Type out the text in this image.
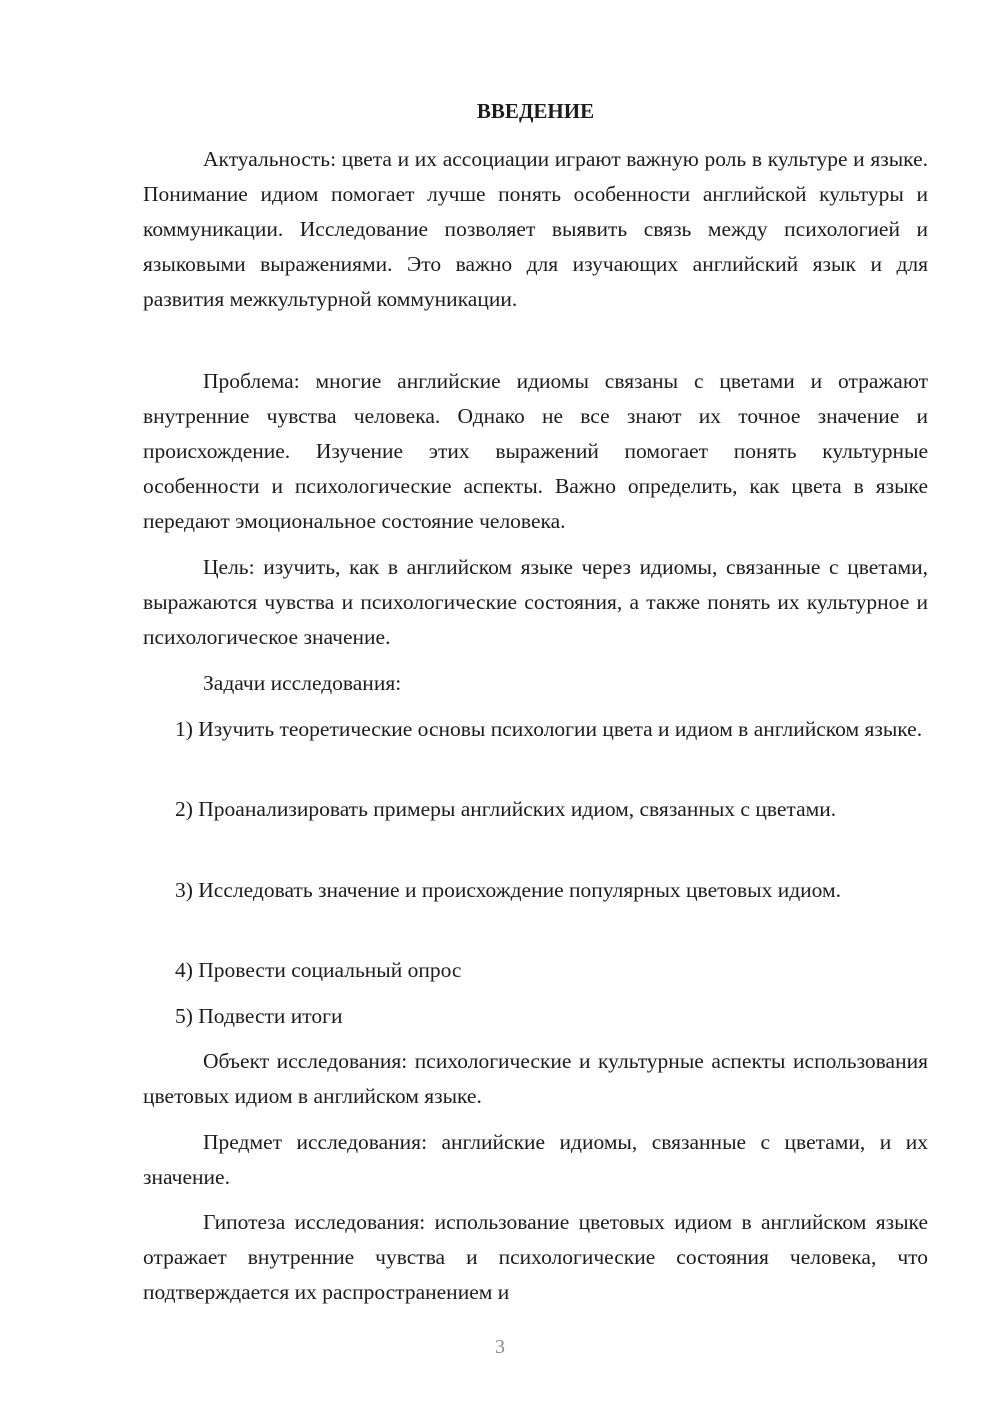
ВВЕДЕНИЕ

Актуальность: цвета и их ассоциации играют важную роль в культуре и языке. Понимание идиом помогает лучше понять особенности английской культуры и коммуникации. Исследование позволяет выявить связь между психологией и языковыми выражениями. Это важно для изучающих английский язык и для развития межкультурной коммуникации.

Проблема: многие английские идиомы связаны с цветами и отражают внутренние чувства человека. Однако не все знают их точное значение и происхождение. Изучение этих выражений помогает понять культурные особенности и психологические аспекты. Важно определить, как цвета в языке передают эмоциональное состояние человека.

Цель: изучить, как в английском языке через идиомы, связанные с цветами, выражаются чувства и психологические состояния, а также понять их культурное и психологическое значение.

Задачи исследования:

1) Изучить теоретические основы психологии цвета и идиом в английском языке.

2) Проанализировать примеры английских идиом, связанных с цветами.

3) Исследовать значение и происхождение популярных цветовых идиом.

4) Провести социальный опрос

5) Подвести итоги

Объект исследования: психологические и культурные аспекты использования цветовых идиом в английском языке.

Предмет исследования: английские идиомы, связанные с цветами, и их значение.

Гипотеза исследования: использование цветовых идиом в английском языке отражает внутренние чувства и психологические состояния человека, что подтверждается их распространением и

3
